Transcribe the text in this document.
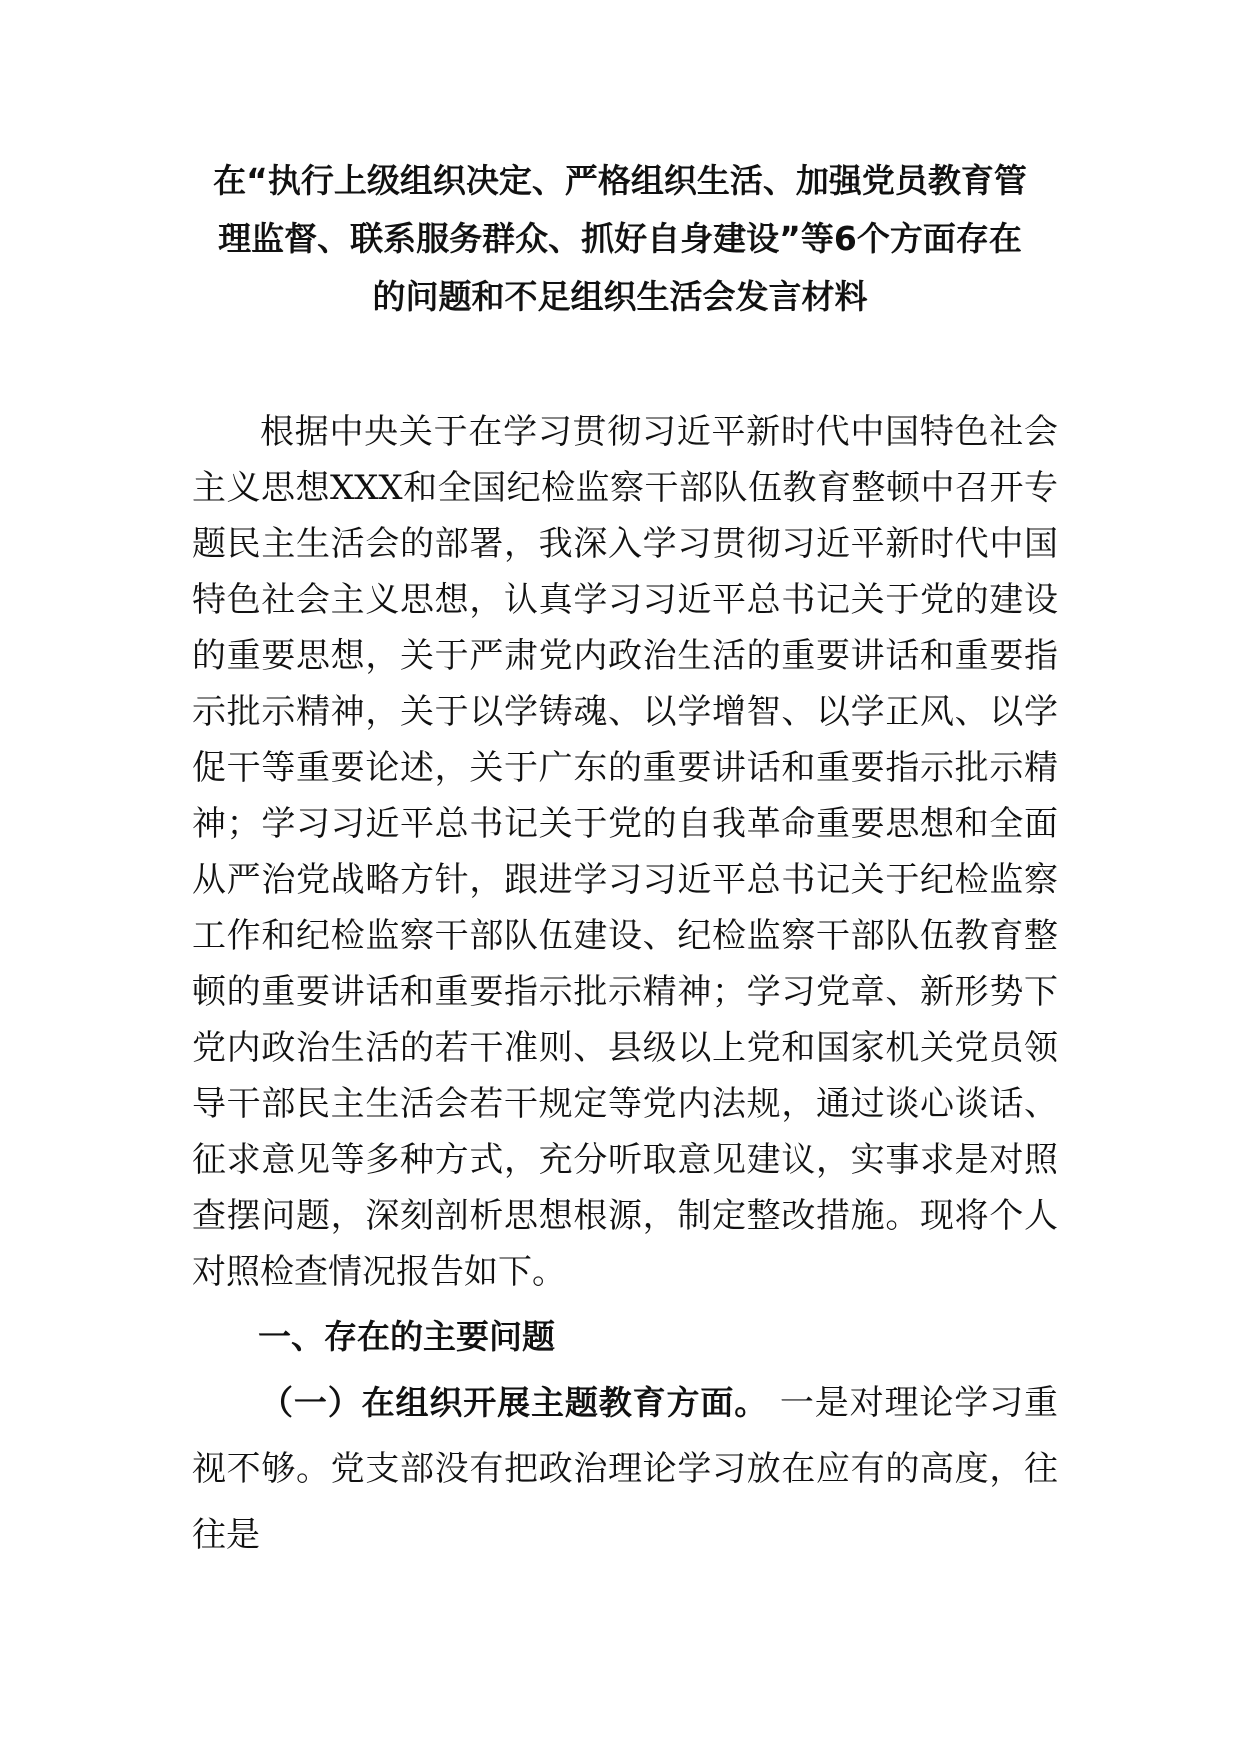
在“执行上级组织决定、严格组织生活、加强党员教育管
理监督、联系服务群众、抓好自身建设”等6个方面存在
的问题和不足组织生活会发言材料

根据中央关于在学习贯彻习近平新时代中国特色社会主义思想XXX和全国纪检监察干部队伍教育整顿中召开专题民主生活会的部署，我深入学习贯彻习近平新时代中国特色社会主义思想，认真学习习近平总书记关于党的建设的重要思想，关于严肃党内政治生活的重要讲话和重要指示批示精神，关于以学铸魂、以学增智、以学正风、以学促干等重要论述，关于广东的重要讲话和重要指示批示精神；学习习近平总书记关于党的自我革命重要思想和全面从严治党战略方针，跟进学习习近平总书记关于纪检监察工作和纪检监察干部队伍建设、纪检监察干部队伍教育整顿的重要讲话和重要指示批示精神；学习党章、新形势下党内政治生活的若干准则、县级以上党和国家机关党员领导干部民主生活会若干规定等党内法规，通过谈心谈话、征求意见等多种方式，充分听取意见建议，实事求是对照查摆问题，深刻剖析思想根源，制定整改措施。现将个人对照检查情况报告如下。

一、存在的主要问题

（一）在组织开展主题教育方面。 一是对理论学习重视不够。党支部没有把政治理论学习放在应有的高度，往往是
